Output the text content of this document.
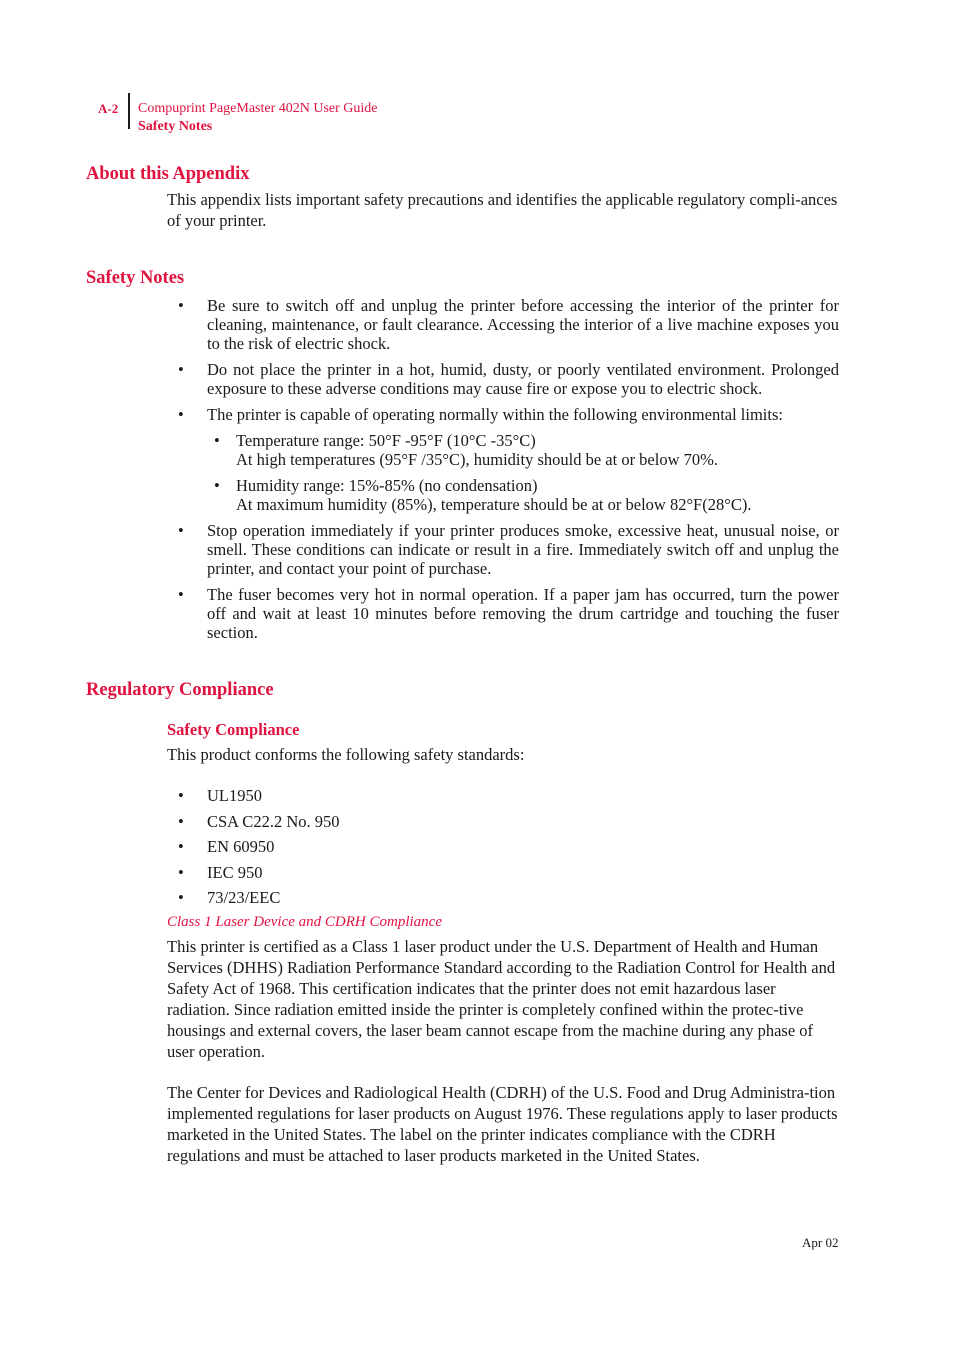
A-2 Compuprint PageMaster 402N User Guide
Safety Notes
About this Appendix

This appendix lists important safety precautions and identifies the applicable regulatory compli-ances of your printer.

Safety Notes
• Be sure to switch off and unplug the printer before accessing the interior of the printer for cleaning, maintenance, or fault clearance. Accessing the interior of a live machine exposes you to the risk of electric shock.
• Do not place the printer in a hot, humid, dusty, or poorly ventilated environment. Prolonged exposure to these adverse conditions may cause fire or expose you to electric shock.
• The printer is capable of operating normally within the following environmental limits:
• Temperature range: 50°F -95°F (10°C -35°C)
At high temperatures (95°F /35°C), humidity should be at or below 70%.
• Humidity range: 15%-85% (no condensation)
At maximum humidity (85%), temperature should be at or below 82°F(28°C).
• Stop operation immediately if your printer produces smoke, excessive heat, unusual noise, or smell. These conditions can indicate or result in a fire. Immediately switch off and unplug the printer, and contact your point of purchase.
• The fuser becomes very hot in normal operation. If a paper jam has occurred, turn the power off and wait at least 10 minutes before removing the drum cartridge and touching the fuser section.
Regulatory Compliance
Safety Compliance

This product conforms the following safety standards:

• UL1950
• CSA C22.2 No. 950
• EN 60950
• IEC 950
• 73/23/EEC
Class 1 Laser Device and CDRH Compliance

This printer is certified as a Class 1 laser product under the U.S. Department of Health and Human Services (DHHS) Radiation Performance Standard according to the Radiation Control for Health and Safety Act of 1968. This certification indicates that the printer does not emit hazardous laser radiation. Since radiation emitted inside the printer is completely confined within the protec-tive housings and external covers, the laser beam cannot escape from the machine during any phase of user operation.

The Center for Devices and Radiological Health (CDRH) of the U.S. Food and Drug Administra-tion implemented regulations for laser products on August 1976. These regulations apply to laser products marketed in the United States. The label on the printer indicates compliance with the CDRH regulations and must be attached to laser products marketed in the United States.

Apr 02
